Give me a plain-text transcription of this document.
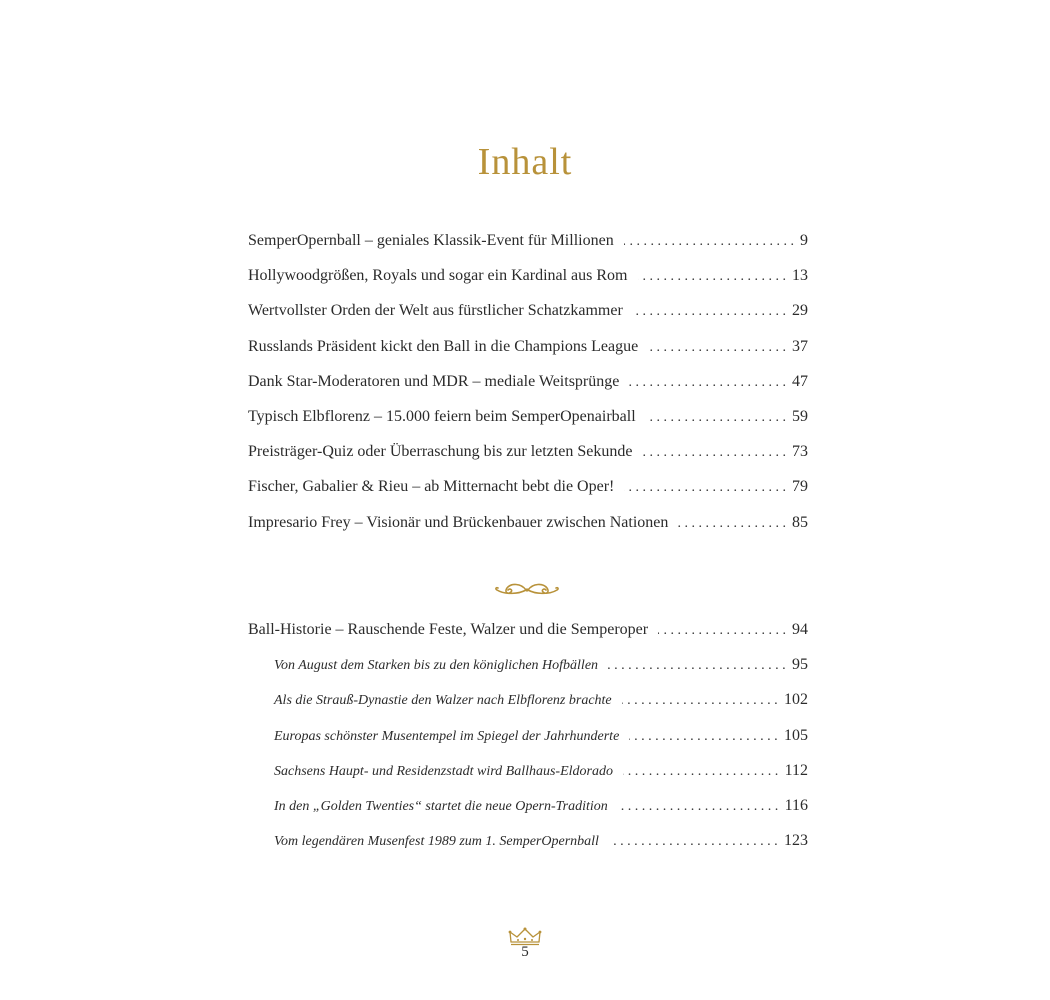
Inhalt
SemperOpernball – geniales Klassik-Event für Millionen . . .	9
Hollywoodgrößen, Royals und sogar ein Kardinal aus Rom . . .	13
Wertvollster Orden der Welt aus fürstlicher Schatzkammer . . .	29
Russlands Präsident kickt den Ball in die Champions League . . .	37
Dank Star-Moderatoren und MDR – mediale Weitsprünge . . .	47
Typisch Elbflorenz – 15.000 feiern beim SemperOpenairball . . .	59
Preisträger-Quiz oder Überraschung bis zur letzten Sekunde . . .	73
Fischer, Gabalier & Rieu – ab Mitternacht bebt die Oper! . . .	79
Impresario Frey – Visionär und Brückenbauer zwischen Nationen . . .	85
Ball-Historie – Rauschende Feste, Walzer und die Semperoper . . .	94
Von August dem Starken bis zu den königlichen Hofbällen . . .	95
Als die Strauß-Dynastie den Walzer nach Elbflorenz brachte . . .	102
Europas schönster Musentempel im Spiegel der Jahrhunderte . . .	105
Sachsens Haupt- und Residenzstadt wird Ballhaus-Eldorado . . .	112
In den „Golden Twenties“ startet die neue Opern-Tradition . . .	116
Vom legendären Musenfest 1989 zum 1. SemperOpernball . . .	123
5
